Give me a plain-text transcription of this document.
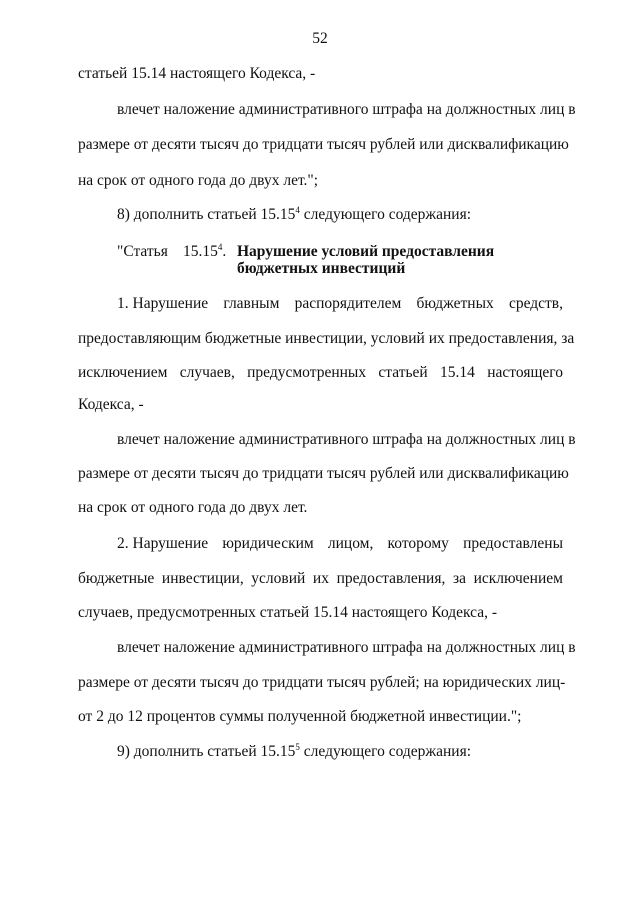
52
статьей 15.14 настоящего Кодекса, -
влечет наложение административного штрафа на должностных лиц в
размере от десяти тысяч до тридцати тысяч рублей или дисквалификацию
на срок от одного года до двух лет.";
8) дополнить статьей 15.15$^4$ следующего содержания:
"Статья 15.15$^4$. Нарушение условий предоставления
бюджетных инвестиций
1. Нарушение главным распорядителем бюджетных средств,
предоставляющим бюджетные инвестиции, условий их предоставления, за
исключением случаев, предусмотренных статьей 15.14 настоящего
Кодекса, -
влечет наложение административного штрафа на должностных лиц в
размере от десяти тысяч до тридцати тысяч рублей или дисквалификацию
на срок от одного года до двух лет.
2. Нарушение юридическим лицом, которому предоставлены
бюджетные инвестиции, условий их предоставления, за исключением
случаев, предусмотренных статьей 15.14 настоящего Кодекса, -
влечет наложение административного штрафа на должностных лиц в
размере от десяти тысяч до тридцати тысяч рублей; на юридических лиц -
от 2 до 12 процентов суммы полученной бюджетной инвестиции.";
9) дополнить статьей 15.15$^5$ следующего содержания:
